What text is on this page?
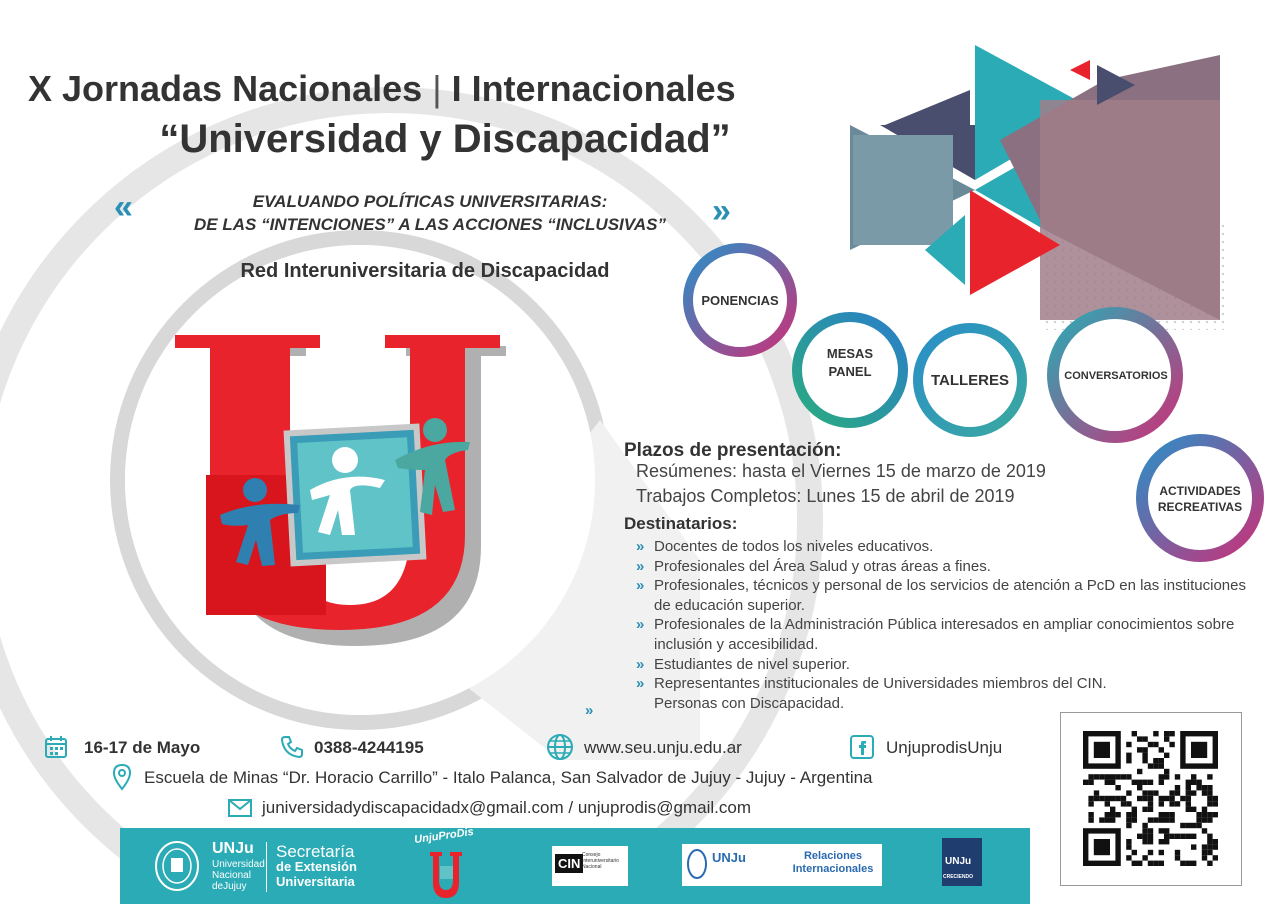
X Jornadas Nacionales | I Internacionales
“Universidad y Discapacidad”
«	»
EVALUANDO POLÍTICAS UNIVERSITARIAS:
DE LAS “INTENCIONES” A LAS ACCIONES “INCLUSIVAS”
Red Interuniversitaria de Discapacidad
PONENCIAS
MESAS PANEL	TALLERES	CONVERSATORIOS
ACTIVIDADES RECREATIVAS
Plazos de presentación:
Resúmenes: hasta el Viernes 15 de marzo de 2019
Trabajos Completos: Lunes 15 de abril de 2019
Destinatarios:
» Docentes de todos los niveles educativos.
» Profesionales del Área Salud y otras áreas a fines.
» Profesionales, técnicos y personal de los servicios de atención a PcD en las instituciones de educación superior.
» Profesionales de la Administración Pública interesados en ampliar conocimientos sobre inclusión y accesibilidad.
» Estudiantes de nivel superior.
» Representantes institucionales de Universidades miembros del CIN.
Personas con Discapacidad.
»
16-17 de Mayo	0388-4244195	www.seu.unju.edu.ar	UnjuprodisUnju
Escuela de Minas “Dr. Horacio Carrillo” - Italo Palanca, San Salvador de Jujuy - Jujuy - Argentina
juniversidadydiscapacidadx@gmail.com / unjuprodis@gmail.com
UNJu
Universidad
Nacional
deJujuy
Secretaría
de Extensión
Universitaria
UnjuProDis
CIN
Consejo Interuniversitario Nacional
UNJu	Relaciones
Internacionales
UNJu
CRECIENDO
